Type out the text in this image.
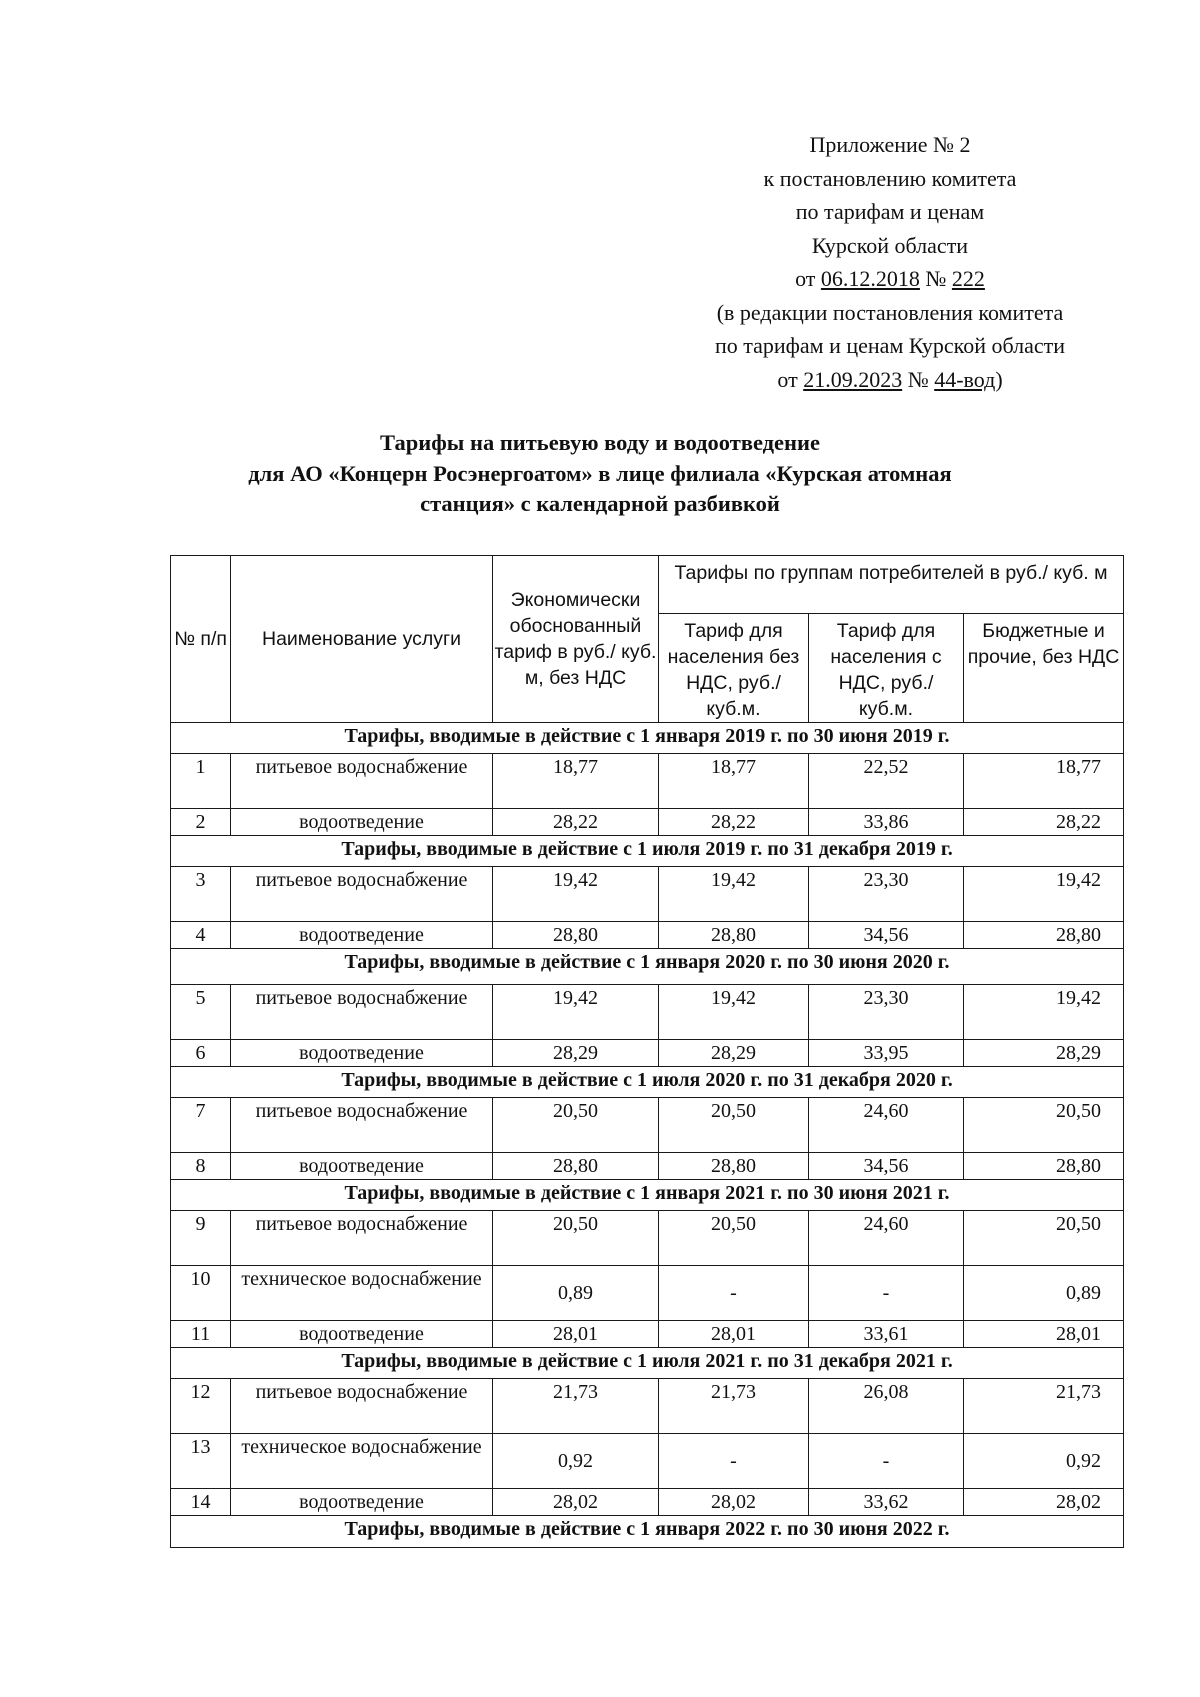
Приложение № 2
к постановлению комитета
по тарифам и ценам
Курской области
от 06.12.2018 № 222
(в редакции постановления комитета
по тарифам и ценам Курской области
от 21.09.2023 № 44-вод)
Тарифы на питьевую воду и водоотведение
для АО «Концерн Росэнергоатом» в лице филиала «Курская атомная
станция» с календарной разбивкой
№ п/п	Наименование услуги	Экономически обоснованный тариф в руб./ куб. м, без НДС	Тарифы по группам потребителей в руб./ куб. м		
			Тариф для населения без НДС, руб./ куб.м.	Тариф для населения с НДС, руб./ куб.м.	Бюджетные и прочие, без НДС
Тарифы, вводимые в действие с 1 января 2019 г. по 30 июня 2019 г.					
1	питьевое водоснабжение	18,77	18,77	22,52	18,77
2	водоотведение	28,22	28,22	33,86	28,22
Тарифы, вводимые в действие с 1 июля 2019 г. по 31 декабря 2019 г.					
3	питьевое водоснабжение	19,42	19,42	23,30	19,42
4	водоотведение	28,80	28,80	34,56	28,80
Тарифы, вводимые в действие с 1 января 2020 г. по 30 июня 2020 г.					
5	питьевое водоснабжение	19,42	19,42	23,30	19,42
6	водоотведение	28,29	28,29	33,95	28,29
Тарифы, вводимые в действие с 1 июля 2020 г. по 31 декабря 2020 г.					
7	питьевое водоснабжение	20,50	20,50	24,60	20,50
8	водоотведение	28,80	28,80	34,56	28,80
Тарифы, вводимые в действие с 1 января 2021 г. по 30 июня 2021 г.					
9	питьевое водоснабжение	20,50	20,50	24,60	20,50
10	техническое водоснабжение	0,89	-	-	0,89
11	водоотведение	28,01	28,01	33,61	28,01
Тарифы, вводимые в действие с 1 июля 2021 г. по 31 декабря 2021 г.					
12	питьевое водоснабжение	21,73	21,73	26,08	21,73
13	техническое водоснабжение	0,92	-	-	0,92
14	водоотведение	28,02	28,02	33,62	28,02
Тарифы, вводимые в действие с 1 января 2022 г. по 30 июня 2022 г.					
